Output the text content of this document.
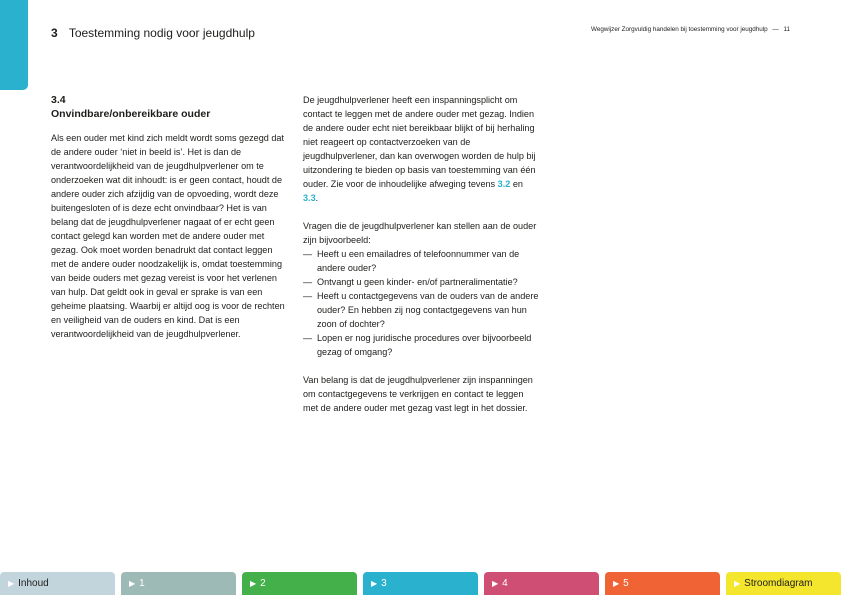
3 Toestemming nodig voor jeugdhulp	Wegwijzer Zorgvuldig handelen bij toestemming voor jeugdhulp — 11
3.4
Onvindbare/onbereikbare ouder

Als een ouder met kind zich meldt wordt soms gezegd dat de andere ouder ‘niet in beeld is’. Het is dan de verantwoordelijkheid van de jeugdhulpverlener om te onderzoeken wat dit inhoudt: is er geen contact, houdt de andere ouder zich afzijdig van de opvoeding, wordt deze buitengesloten of is deze echt onvindbaar? Het is van belang dat de jeugdhulpverlener nagaat of er echt geen contact gelegd kan worden met de andere ouder met gezag. Ook moet worden benadrukt dat contact leggen met de andere ouder noodzakelijk is, omdat toestemming van beide ouders met gezag vereist is voor het verlenen van hulp. Dat geldt ook in geval er sprake is van een geheime plaatsing. Waarbij er altijd oog is voor de rechten en veiligheid van de ouders en kind. Dat is een verantwoordelijkheid van de jeugdhulpverlener.

De jeugdhulpverlener heeft een inspanningsplicht om contact te leggen met de andere ouder met gezag. Indien de andere ouder echt niet bereikbaar blijkt of bij herhaling niet reageert op contactverzoeken van de jeugdhulpverlener, dan kan overwogen worden de hulp bij uitzondering te bieden op basis van toestemming van één ouder. Zie voor de inhoudelijke afweging tevens 3.2 en 3.3.

Vragen die de jeugdhulpverlener kan stellen aan de ouder zijn bijvoorbeeld:

— Heeft u een emailadres of telefoonnummer van de andere ouder?
— Ontvangt u geen kinder- en/of partneralimentatie?
— Heeft u contactgegevens van de ouders van de andere ouder? En hebben zij nog contactgegevens van hun zoon of dochter?
— Lopen er nog juridische procedures over bijvoorbeeld gezag of omgang?

Van belang is dat de jeugdhulpverlener zijn inspanningen om contactgegevens te verkrijgen en contact te leggen met de andere ouder met gezag vast legt in het dossier.

▶ Inhoud	▶ 1	▶ 2	▶ 3	▶ 4	▶ 5	▶ Stroomdiagram
